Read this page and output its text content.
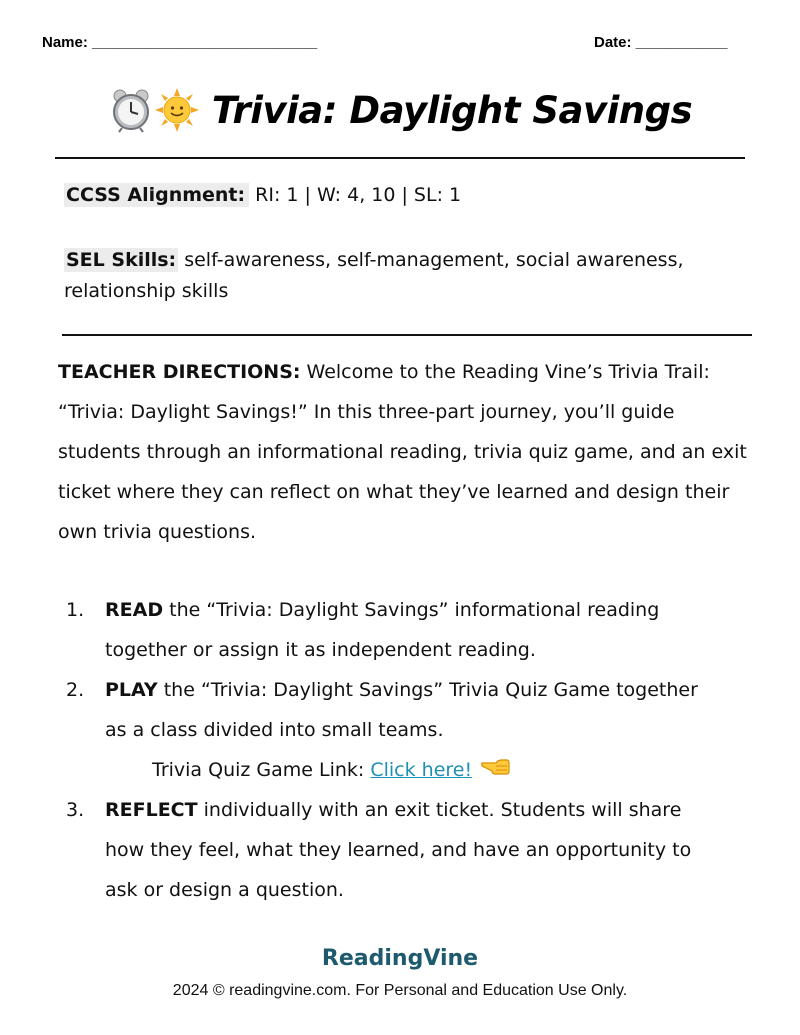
Name: ___________________________	Date: ___________
Trivia: Daylight Savings
CCSS Alignment: RI: 1 | W: 4, 10 | SL: 1
SEL Skills: self-awareness, self-management, social awareness, relationship skills
TEACHER DIRECTIONS: Welcome to the Reading Vine’s Trivia Trail: “Trivia: Daylight Savings!” In this three-part journey, you’ll guide students through an informational reading, trivia quiz game, and an exit ticket where they can reflect on what they’ve learned and design their own trivia questions.
1. READ the “Trivia: Daylight Savings” informational reading
together or assign it as independent reading.
2. PLAY the “Trivia: Daylight Savings” Trivia Quiz Game together
as a class divided into small teams.
Trivia Quiz Game Link: Click here!
3. REFLECT individually with an exit ticket. Students will share
how they feel, what they learned, and have an opportunity to
ask or design a question.
ReadingVine
2024 © readingvine.com. For Personal and Education Use Only.
